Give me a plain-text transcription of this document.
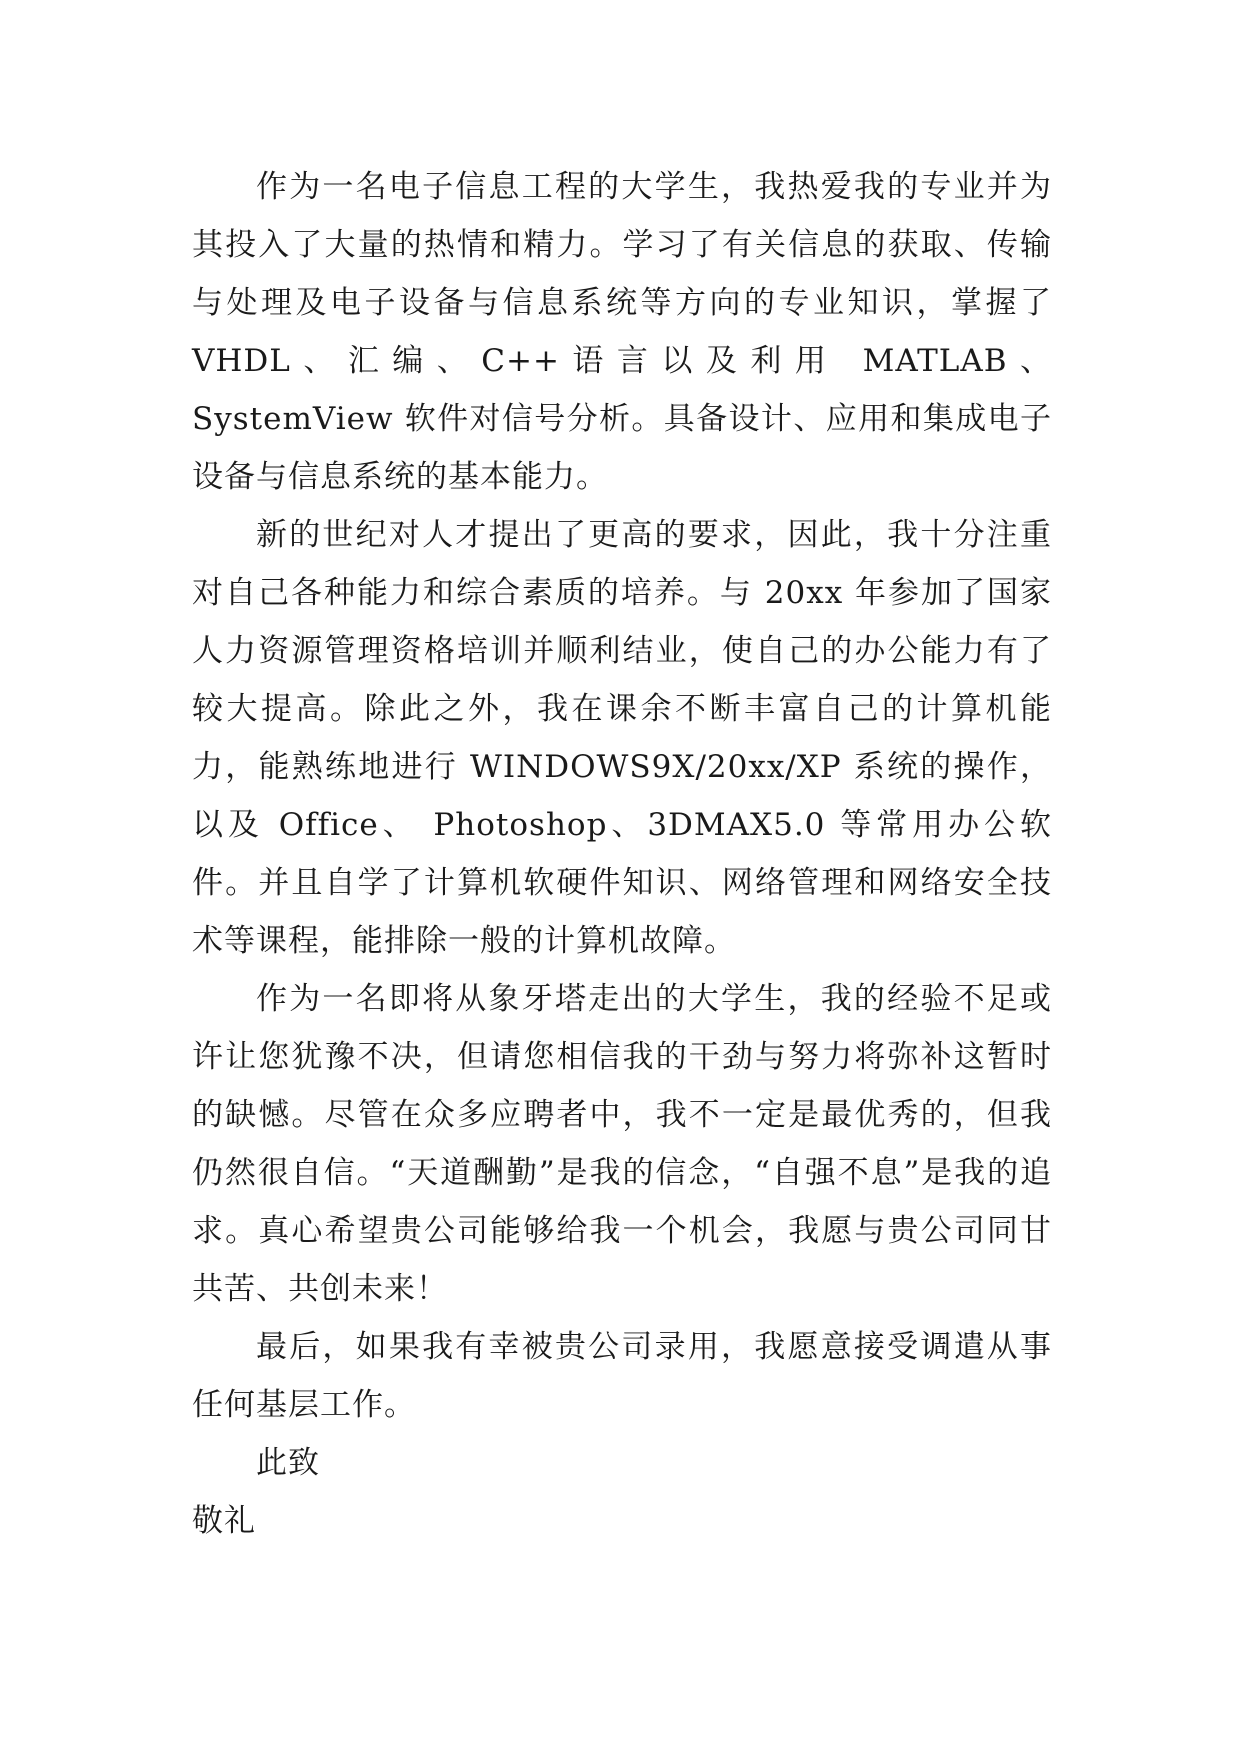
作为一名电子信息工程的大学生，我热爱我的专业并为其投入了大量的热情和精力。学习了有关信息的获取、传输与处理及电子设备与信息系统等方向的专业知识，掌握了VHDL、汇编、C++语言以及利用 MATLAB、SystemView 软件对信号分析。具备设计、应用和集成电子设备与信息系统的基本能力。

新的世纪对人才提出了更高的要求，因此，我十分注重对自己各种能力和综合素质的培养。与 20xx 年参加了国家人力资源管理资格培训并顺利结业，使自己的办公能力有了较大提高。除此之外，我在课余不断丰富自己的计算机能力，能熟练地进行 WINDOWS9X/20xx/XP 系统的操作，以及 Office、 Photoshop、3DMAX5.0 等常用办公软件。并且自学了计算机软硬件知识、网络管理和网络安全技术等课程，能排除一般的计算机故障。

作为一名即将从象牙塔走出的大学生，我的经验不足或许让您犹豫不决，但请您相信我的干劲与努力将弥补这暂时的缺憾。尽管在众多应聘者中，我不一定是最优秀的，但我仍然很自信。“天道酬勤”是我的信念，“自强不息”是我的追求。真心希望贵公司能够给我一个机会，我愿与贵公司同甘共苦、共创未来！

最后，如果我有幸被贵公司录用，我愿意接受调遣从事任何基层工作。

此致

敬礼
